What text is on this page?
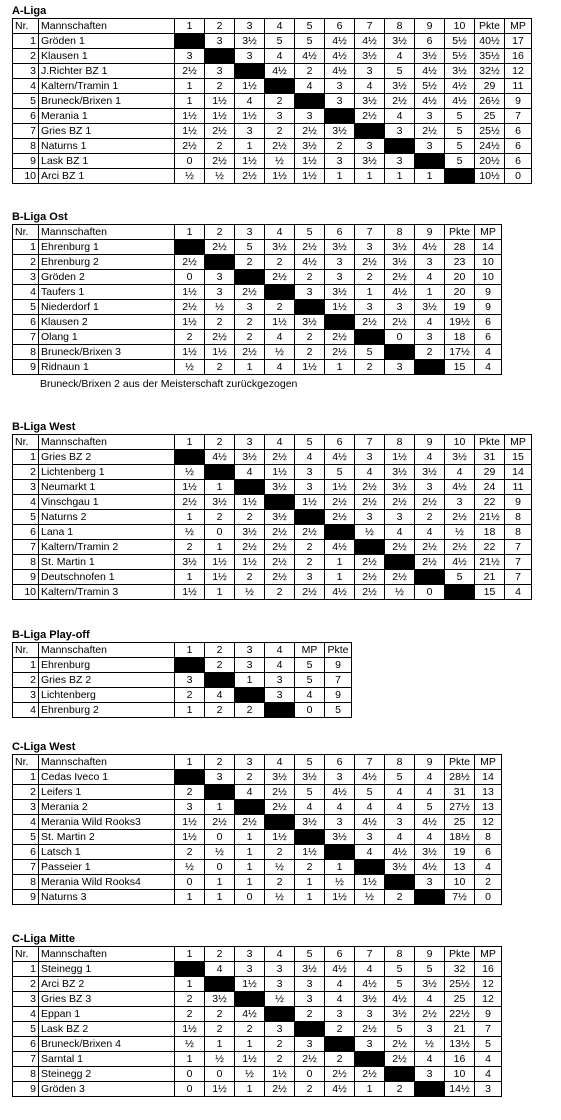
A-Liga
Nr.	Mannschaften	1	2	3	4	5	6	7	8	9	10	Pkte	MP
1	Gröden 1		3	3½	5	5	4½	4½	3½	6	5½	40½	17
2	Klausen 1	3		3	4	4½	4½	3½	4	3½	5½	35½	16
3	J.Richter BZ 1	2½	3		4½	2	4½	3	5	4½	3½	32½	12
4	Kaltern/Tramin 1	1	2	1½		4	3	4	3½	5½	4½	29	11
5	Bruneck/Brixen 1	1	1½	4	2		3	3½	2½	4½	4½	26½	9
6	Merania 1	1½	1½	1½	3	3		2½	4	3	5	25	7
7	Gries BZ 1	1½	2½	3	2	2½	3½		3	2½	5	25½	6
8	Naturns 1	2½	2	1	2½	3½	2	3		3	5	24½	6
9	Lask BZ 1	0	2½	1½	½	1½	3	3½	3		5	20½	6
10	Arci BZ 1	½	½	2½	1½	1½	1	1	1	1		10½	0
B-Liga Ost
Nr.	Mannschaften	1	2	3	4	5	6	7	8	9	Pkte	MP
1	Ehrenburg 1		2½	5	3½	2½	3½	3	3½	4½	28	14
2	Ehrenburg 2	2½		2	2	4½	3	2½	3½	3	23	10
3	Gröden 2	0	3		2½	2	3	2	2½	4	20	10
4	Taufers 1	1½	3	2½		3	3½	1	4½	1	20	9
5	Niederdorf 1	2½	½	3	2		1½	3	3	3½	19	9
6	Klausen 2	1½	2	2	1½	3½		2½	2½	4	19½	6
7	Olang 1	2	2½	2	4	2	2½		0	3	18	6
8	Bruneck/Brixen 3	1½	1½	2½	½	2	2½	5		2	17½	4
9	Ridnaun 1	½	2	1	4	1½	1	2	3		15	4
Bruneck/Brixen 2 aus der Meisterschaft zurückgezogen
B-Liga West
Nr.	Mannschaften	1	2	3	4	5	6	7	8	9	10	Pkte	MP
1	Gries BZ 2		4½	3½	2½	4	4½	3	1½	4	3½	31	15
2	Lichtenberg 1	½		4	1½	3	5	4	3½	3½	4	29	14
3	Neumarkt 1	1½	1		3½	3	1½	2½	3½	3	4½	24	11
4	Vinschgau 1	2½	3½	1½		1½	2½	2½	2½	2½	3	22	9
5	Naturns 2	1	2	2	3½		2½	3	3	2	2½	21½	8
6	Lana 1	½	0	3½	2½	2½		½	4	4	½	18	8
7	Kaltern/Tramin 2	2	1	2½	2½	2	4½		2½	2½	2½	22	7
8	St. Martin 1	3½	1½	1½	2½	2	1	2½		2½	4½	21½	7
9	Deutschnofen 1	1	1½	2	2½	3	1	2½	2½		5	21	7
10	Kaltern/Tramin 3	1½	1	½	2	2½	4½	2½	½	0		15	4
B-Liga Play-off
Nr.	Mannschaften	1	2	3	4	MP	Pkte
1	Ehrenburg		2	3	4	5	9
2	Gries BZ 2	3		1	3	5	7
3	Lichtenberg	2	4		3	4	9
4	Ehrenburg 2	1	2	2		0	5
C-Liga West
Nr.	Mannschaften	1	2	3	4	5	6	7	8	9	Pkte	MP
1	Cedas Iveco 1		3	2	3½	3½	3	4½	5	4	28½	14
2	Leifers 1	2		4	2½	5	4½	5	4	4	31	13
3	Merania 2	3	1		2½	4	4	4	4	5	27½	13
4	Merania Wild Rooks3	1½	2½	2½		3½	3	4½	3	4½	25	12
5	St. Martin 2	1½	0	1	1½		3½	3	4	4	18½	8
6	Latsch 1	2	½	1	2	1½		4	4½	3½	19	6
7	Passeier 1	½	0	1	½	2	1		3½	4½	13	4
8	Merania Wild Rooks4	0	1	1	2	1	½	1½		3	10	2
9	Naturns 3	1	1	0	½	1	1½	½	2		7½	0
C-Liga Mitte
Nr.	Mannschaften	1	2	3	4	5	6	7	8	9	Pkte	MP
1	Steinegg 1		4	3	3	3½	4½	4	5	5	32	16
2	Arci BZ 2	1		1½	3	3	4	4½	5	3½	25½	12
3	Gries BZ 3	2	3½		½	3	4	3½	4½	4	25	12
4	Eppan 1	2	2	4½		2	3	3	3½	2½	22½	9
5	Lask BZ 2	1½	2	2	3		2	2½	5	3	21	7
6	Bruneck/Brixen 4	½	1	1	2	3		3	2½	½	13½	5
7	Sarntal 1	1	½	1½	2	2½	2		2½	4	16	4
8	Steinegg 2	0	0	½	1½	0	2½	2½		3	10	4
9	Gröden 3	0	1½	1	2½	2	4½	1	2		14½	3
